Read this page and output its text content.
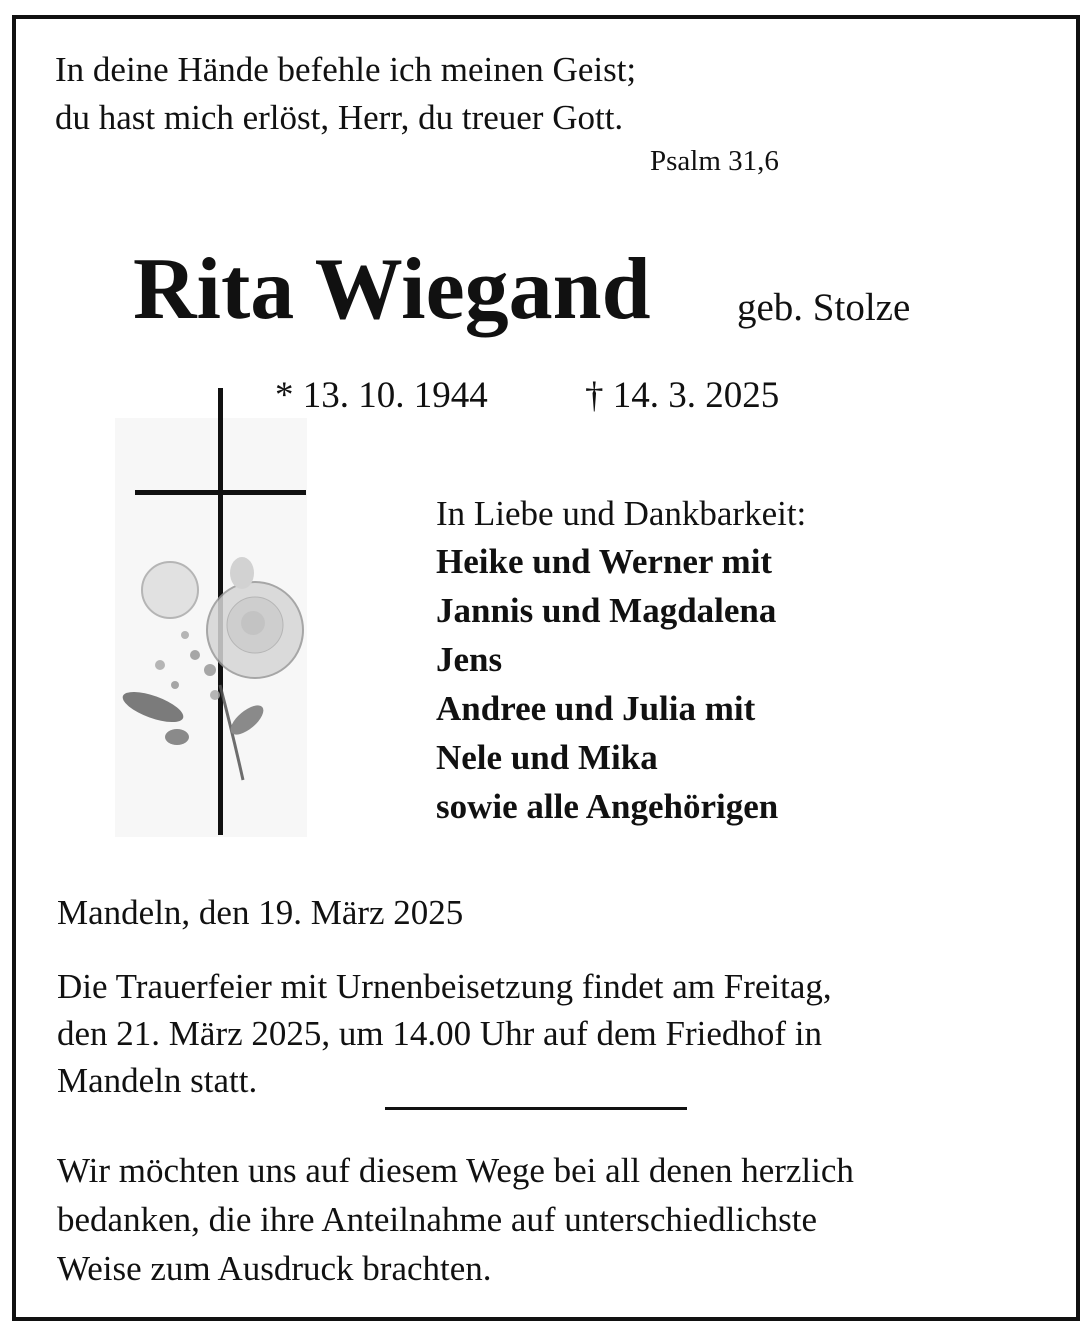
In deine Hände befehle ich meinen Geist;
du hast mich erlöst, Herr, du treuer Gott.
Psalm 31,6
Rita Wiegand geb. Stolze
* 13. 10. 1944	† 14. 3. 2025
In Liebe und Dankbarkeit:
Heike und Werner mit
Jannis und Magdalena
Jens
Andree und Julia mit
Nele und Mika
sowie alle Angehörigen
Mandeln, den 19. März 2025
Die Trauerfeier mit Urnenbeisetzung findet am Freitag,
den 21. März 2025, um 14.00 Uhr auf dem Friedhof in
Mandeln statt.
Wir möchten uns auf diesem Wege bei all denen herzlich
bedanken, die ihre Anteilnahme auf unterschiedlichste
Weise zum Ausdruck brachten.
